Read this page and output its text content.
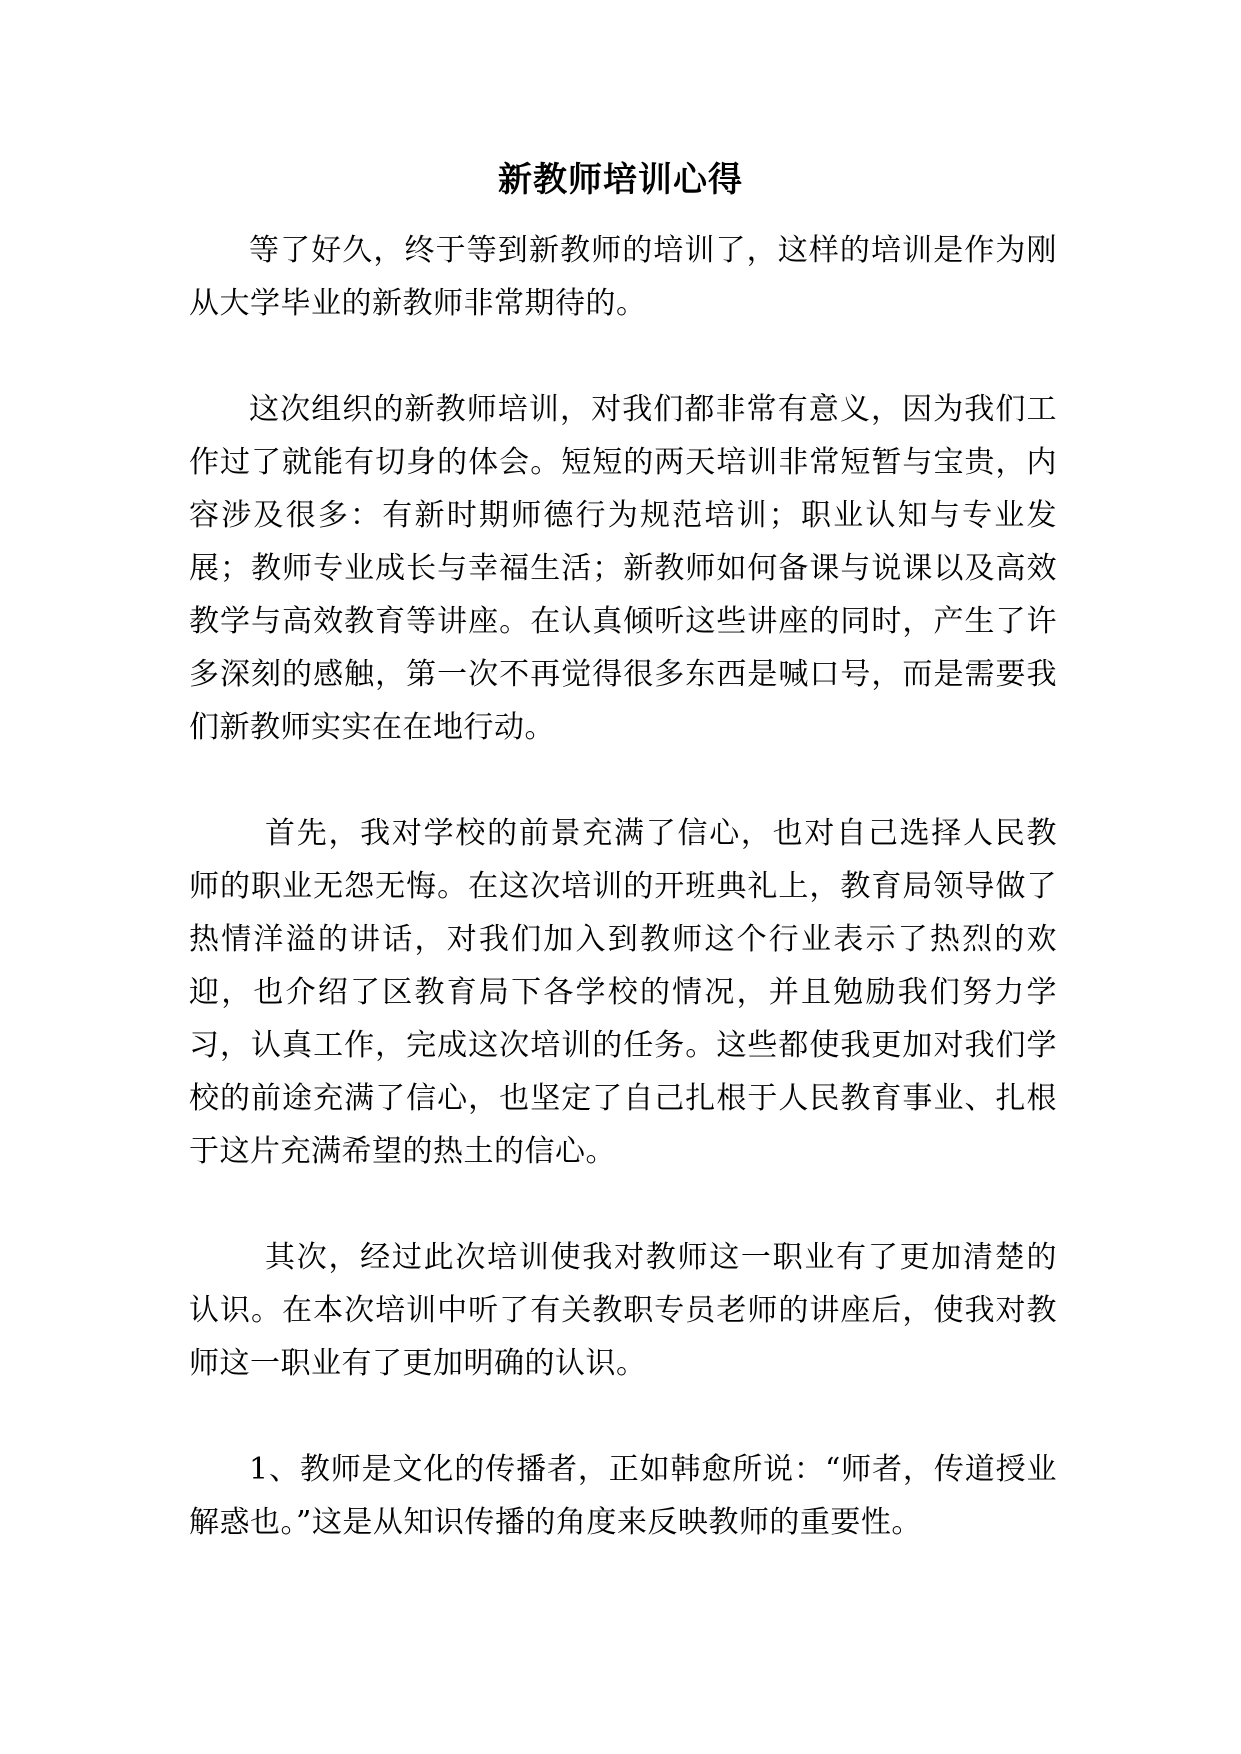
新教师培训心得

等了好久，终于等到新教师的培训了，这样的培训是作为刚从大学毕业的新教师非常期待的。

这次组织的新教师培训，对我们都非常有意义，因为我们工作过了就能有切身的体会。短短的两天培训非常短暂与宝贵，内容涉及很多：有新时期师德行为规范培训；职业认知与专业发展；教师专业成长与幸福生活；新教师如何备课与说课以及高效教学与高效教育等讲座。在认真倾听这些讲座的同时，产生了许多深刻的感触，第一次不再觉得很多东西是喊口号，而是需要我们新教师实实在在地行动。

首先，我对学校的前景充满了信心，也对自己选择人民教师的职业无怨无悔。在这次培训的开班典礼上，教育局领导做了热情洋溢的讲话，对我们加入到教师这个行业表示了热烈的欢迎，也介绍了区教育局下各学校的情况，并且勉励我们努力学习，认真工作，完成这次培训的任务。这些都使我更加对我们学校的前途充满了信心，也坚定了自己扎根于人民教育事业、扎根于这片充满希望的热土的信心。

其次，经过此次培训使我对教师这一职业有了更加清楚的认识。在本次培训中听了有关教职专员老师的讲座后，使我对教师这一职业有了更加明确的认识。

1、教师是文化的传播者，正如韩愈所说：“师者，传道授业解惑也。”这是从知识传播的角度来反映教师的重要性。
